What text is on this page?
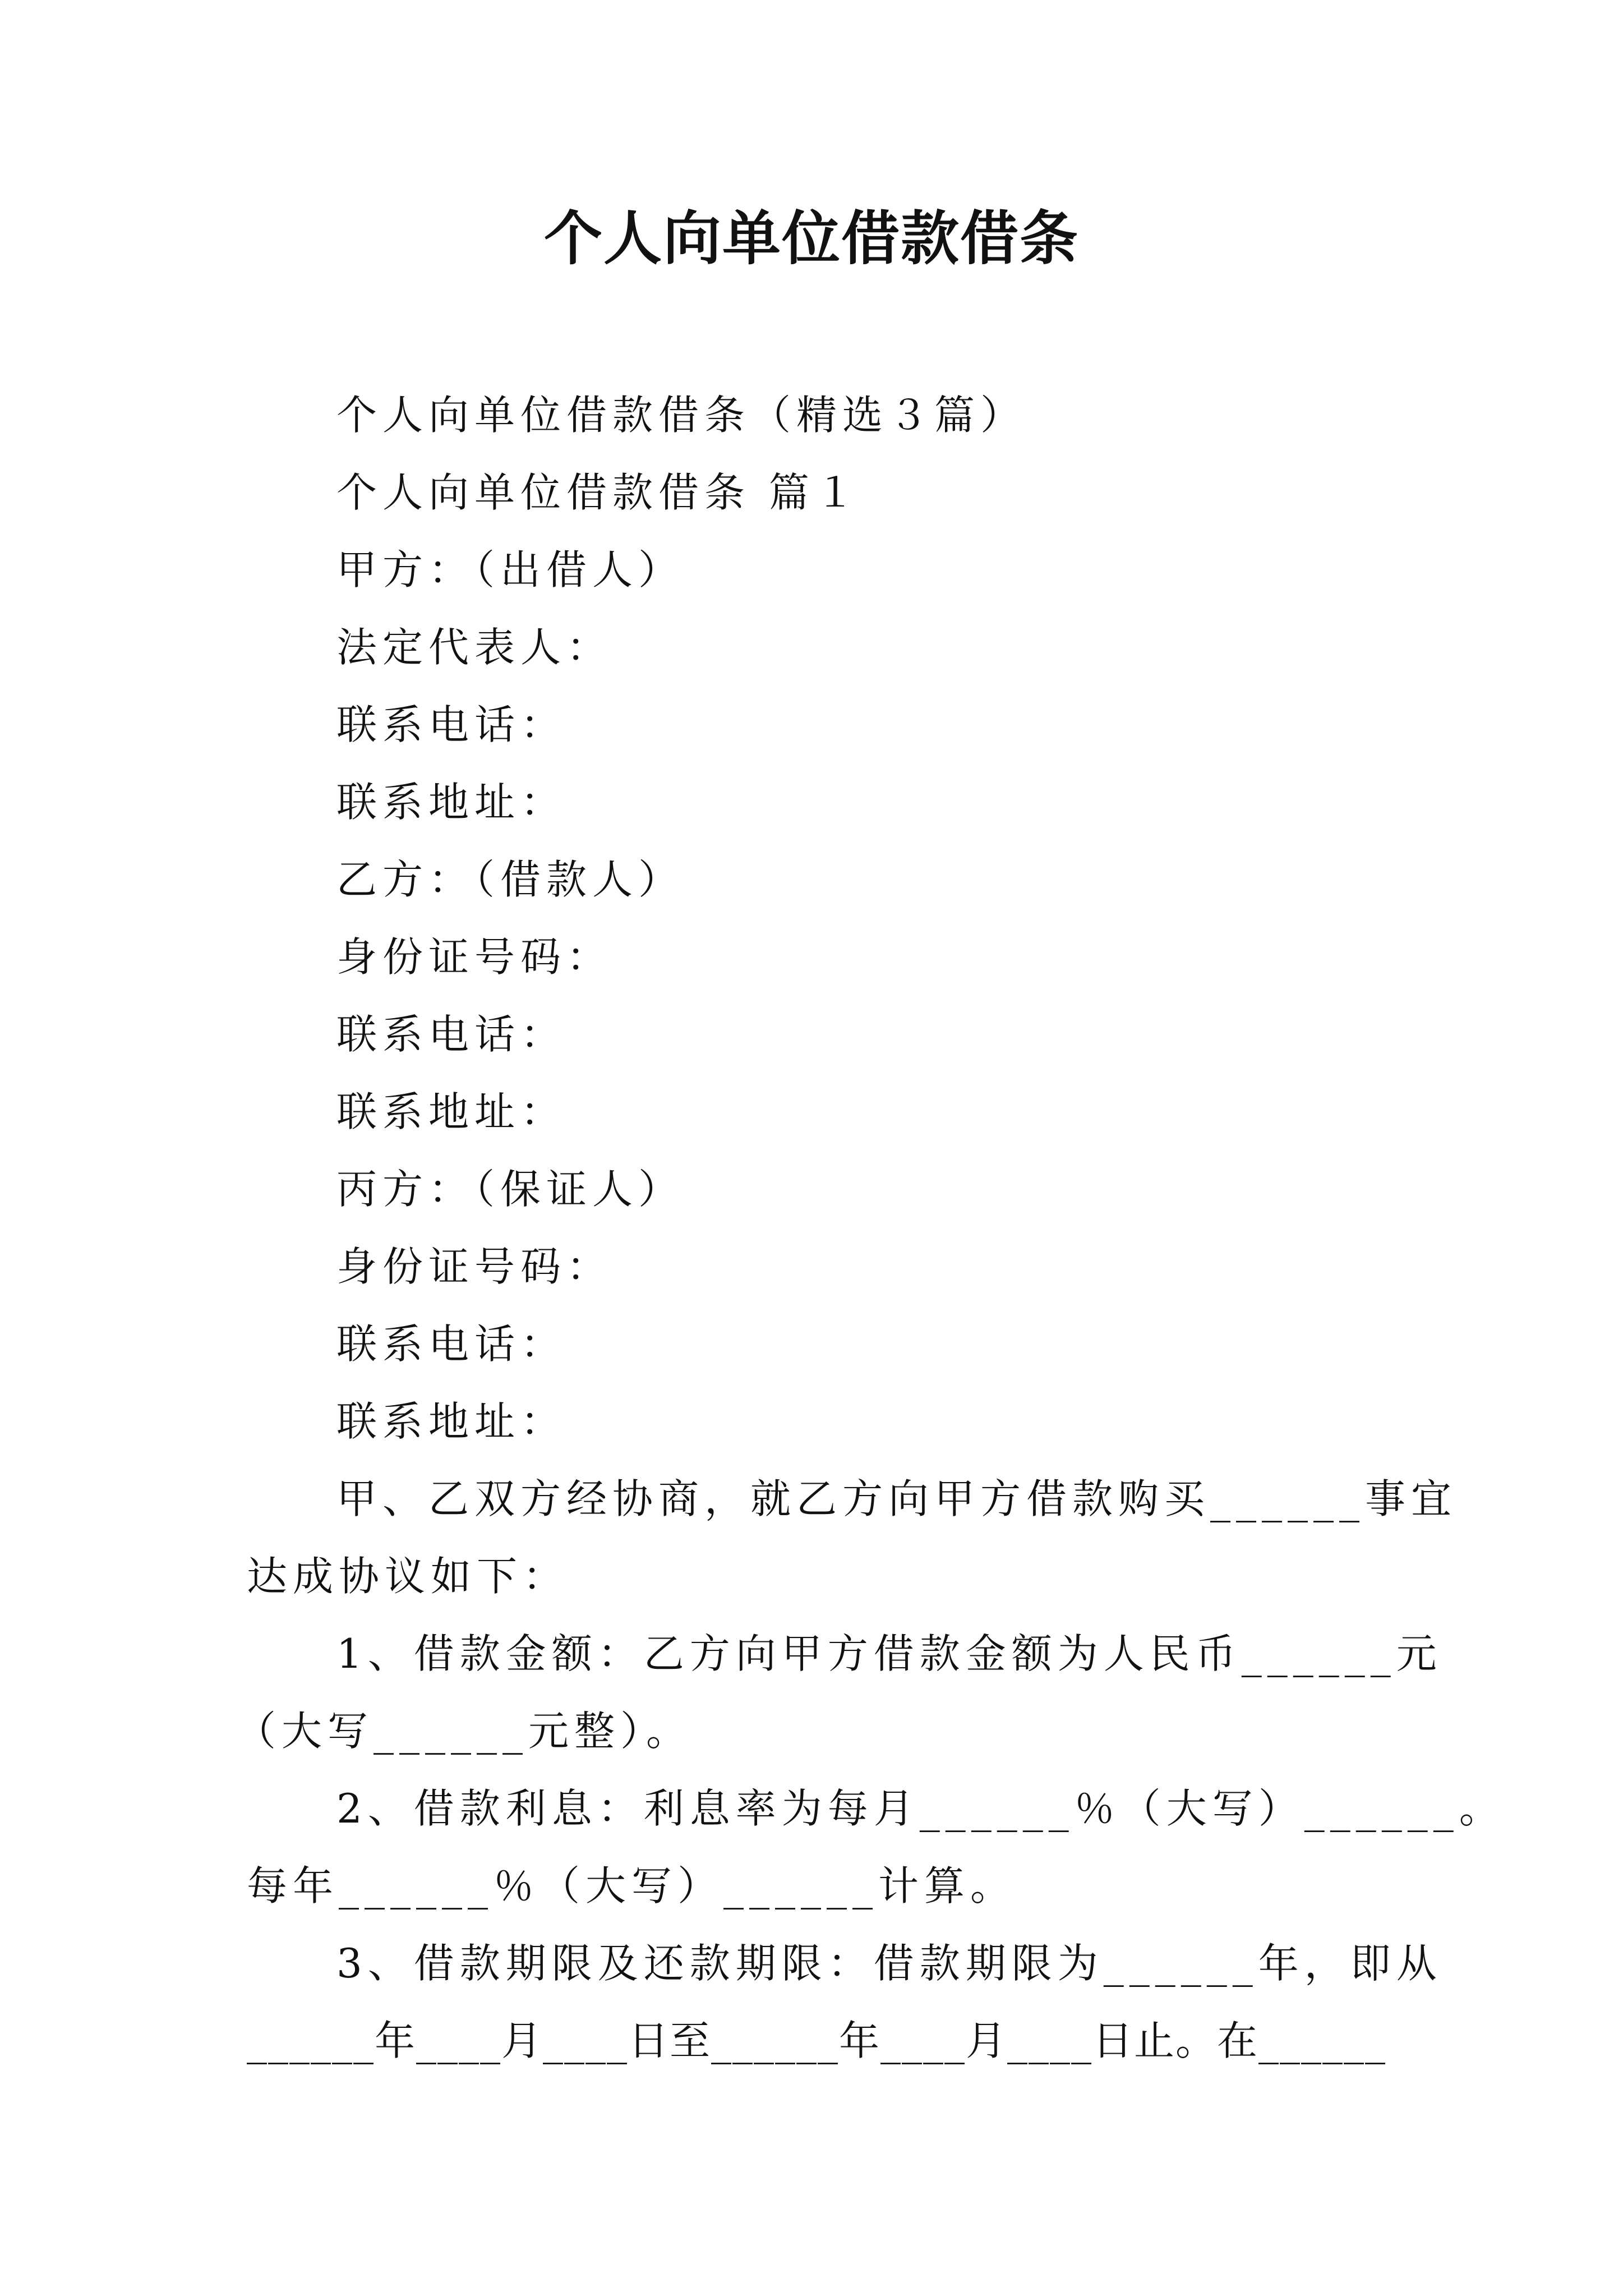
个人向单位借款借条
个人向单位借款借条（精选３篇）
个人向单位借款借条 篇１
甲方：（出借人）
法定代表人：
联系电话：
联系地址：
乙方：（借款人）
身份证号码：
联系电话：
联系地址：
丙方：（保证人）
身份证号码：
联系电话：
联系地址：
甲、乙双方经协商，就乙方向甲方借款购买______事宜
达成协议如下：
1、借款金额：乙方向甲方借款金额为人民币______元
（大写______元整）。
2、借款利息：利息率为每月______％（大写）______。
每年______％（大写）______计算。
3、借款期限及还款期限：借款期限为______年，即从
______年____月____日至______年____月____日止。在______
